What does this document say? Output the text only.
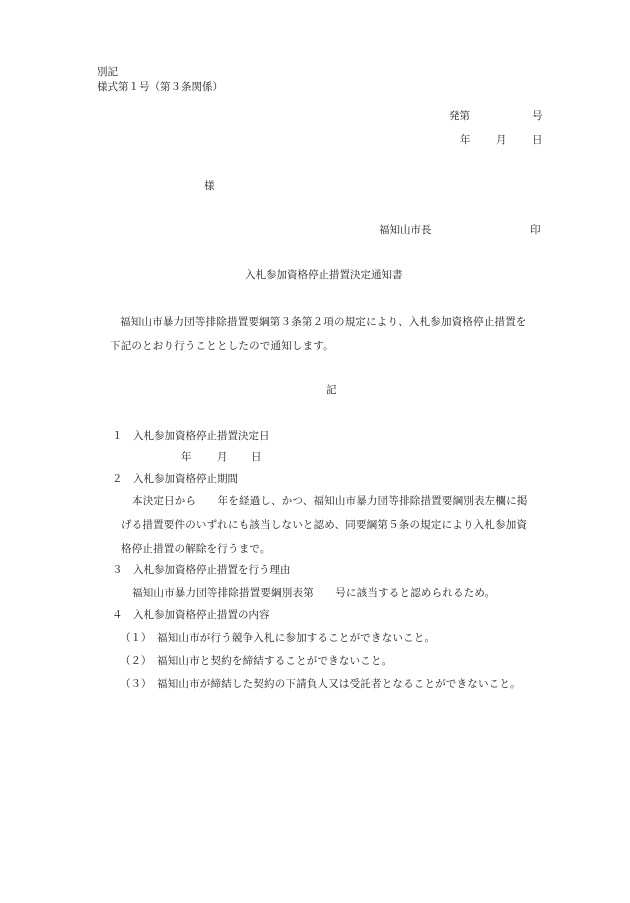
別記
様式第１号（第３条関係）
発第	号
年 月 日
様
福知山市長	印
入札参加資格停止措置決定通知書
福知山市暴力団等排除措置要綱第３条第２項の規定により、入札参加資格停止措置を
下記のとおり行うこととしたので通知します。
記
１　入札参加資格停止措置決定日
年 月 日
２　入札参加資格停止期間
本決定日から　　年を経過し、かつ、福知山市暴力団等排除措置要綱別表左欄に掲
げる措置要件のいずれにも該当しないと認め、同要綱第５条の規定により入札参加資
格停止措置の解除を行うまで。
３　入札参加資格停止措置を行う理由
福知山市暴力団等排除措置要綱別表第　　号に該当すると認められるため。
４　入札参加資格停止措置の内容
（１） 福知山市が行う競争入札に参加することができないこと。
（２） 福知山市と契約を締結することができないこと。
（３） 福知山市が締結した契約の下請負人又は受託者となることができないこと。
